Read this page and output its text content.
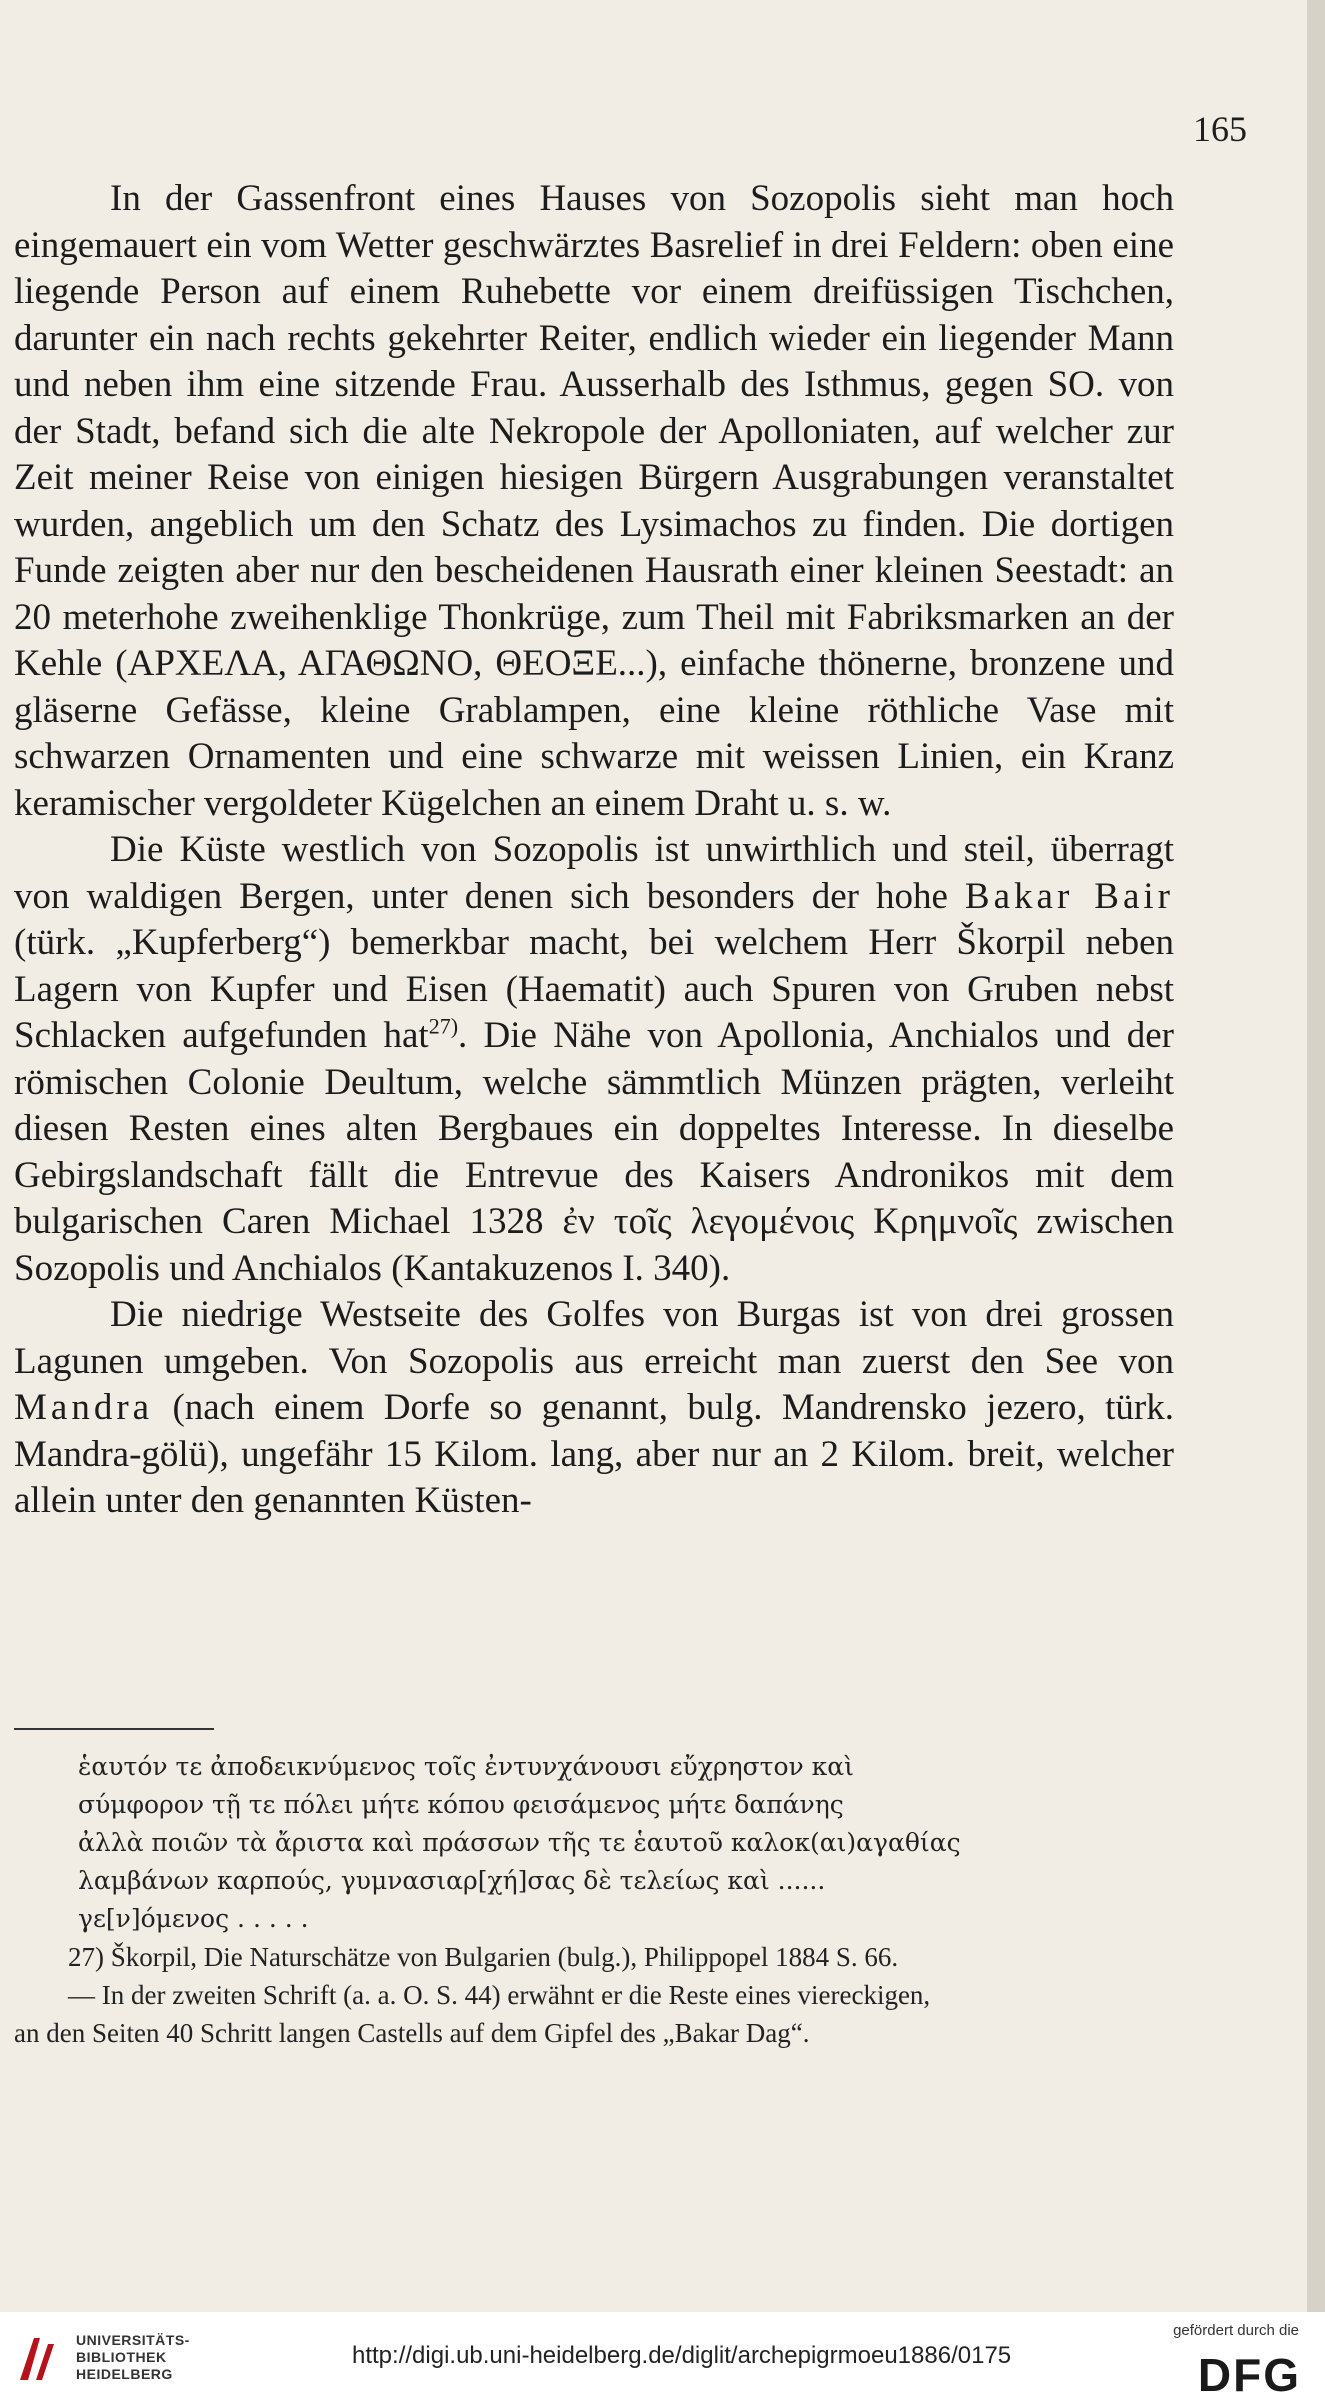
165

In der Gassenfront eines Hauses von Sozopolis sieht man hoch eingemauert ein vom Wetter geschwärztes Basrelief in drei Feldern: oben eine liegende Person auf einem Ruhebette vor einem dreifüssigen Tischchen, darunter ein nach rechts gekehrter Reiter, endlich wieder ein liegender Mann und neben ihm eine sitzende Frau. Ausserhalb des Isthmus, gegen SO. von der Stadt, befand sich die alte Nekropole der Apolloniaten, auf welcher zur Zeit meiner Reise von einigen hiesigen Bürgern Ausgrabungen veranstaltet wurden, angeblich um den Schatz des Lysimachos zu finden. Die dortigen Funde zeigten aber nur den bescheidenen Hausrath einer kleinen Seestadt: an 20 meterhohe zweihenklige Thonkrüge, zum Theil mit Fabriksmarken an der Kehle (ΑΡΧΕΛΑ, ΑΓΑΘΩΝΟ, ΘΕΟΞΕ...), einfache thönerne, bronzene und gläserne Gefässe, kleine Grablampen, eine kleine röthliche Vase mit schwarzen Ornamenten und eine schwarze mit weissen Linien, ein Kranz keramischer vergoldeter Kügelchen an einem Draht u. s. w.

Die Küste westlich von Sozopolis ist unwirthlich und steil, überragt von waldigen Bergen, unter denen sich besonders der hohe Bakar Bair (türk. „Kupferberg“) bemerkbar macht, bei welchem Herr Škorpil neben Lagern von Kupfer und Eisen (Haematit) auch Spuren von Gruben nebst Schlacken aufgefunden hat$^{27)}$. Die Nähe von Apollonia, Anchialos und der römischen Colonie Deultum, welche sämmtlich Münzen prägten, verleiht diesen Resten eines alten Bergbaues ein doppeltes Interesse. In dieselbe Gebirgslandschaft fällt die Entrevue des Kaisers Andronikos mit dem bulgarischen Caren Michael 1328 ἐν τοῖς λεγομένοις Κρημνοῖς zwischen Sozopolis und Anchialos (Kantakuzenos I. 340).

Die niedrige Westseite des Golfes von Burgas ist von drei grossen Lagunen umgeben. Von Sozopolis aus erreicht man zuerst den See von Mandra (nach einem Dorfe so genannt, bulg. Mandrensko jezero, türk. Mandra-gölü), ungefähr 15 Kilom. lang, aber nur an 2 Kilom. breit, welcher allein unter den genannten Küsten-

ἑαυτόν τε ἀποδεικνύμενος τοῖς ἐντυνχάνουσι εὔχρηστον καὶ
σύμφορον τῇ τε πόλει μήτε κόπου φεισάμενος μήτε δαπάνης
ἀλλὰ ποιῶν τὰ ἄριστα καὶ πράσσων τῆς τε ἑαυτοῦ καλοκ(αι)αγαθίας
λαμβάνων καρπούς, γυμνασιαρ[χή]σας δὲ τελείως καὶ ......
γε[ν]όμενος . . . . .
27) Škorpil, Die Naturschätze von Bulgarien (bulg.), Philippopel 1884 S. 66.
— In der zweiten Schrift (a. a. O. S. 44) erwähnt er die Reste eines viereckigen,
an den Seiten 40 Schritt langen Castells auf dem Gipfel des „Bakar Dag“.
UNIVERSITÄTS-
BIBLIOTHEK
HEIDELBERG
http://digi.ub.uni-heidelberg.de/diglit/archepigrmoeu1886/0175
gefördert durch die
DFG
